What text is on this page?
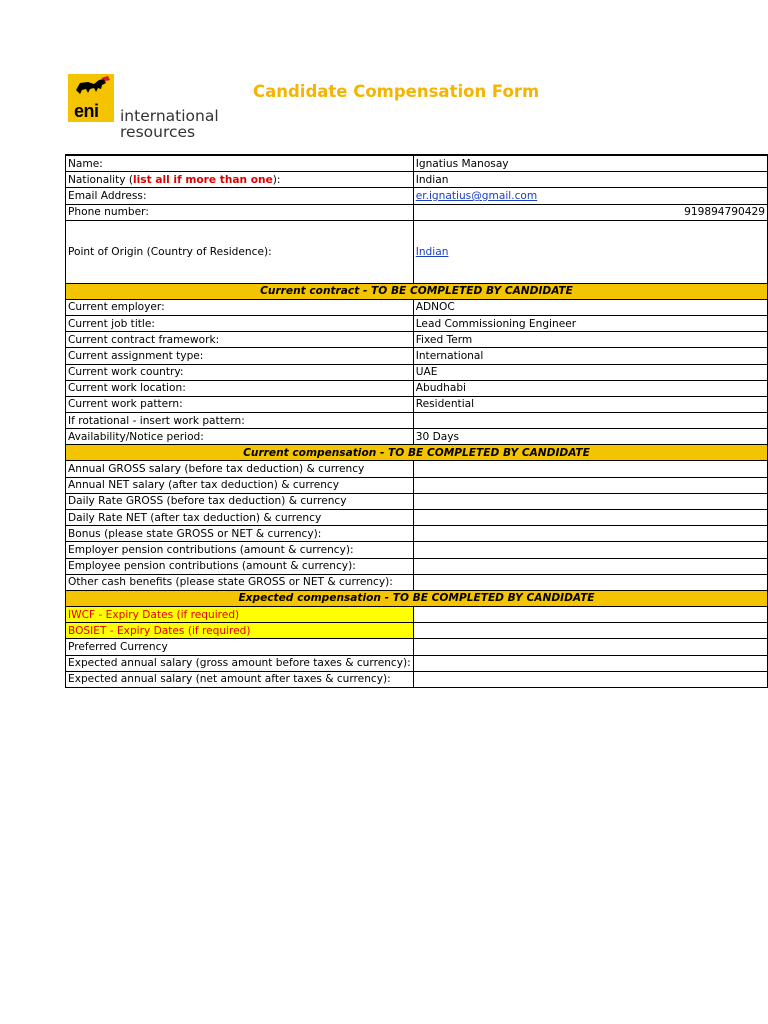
eni international
resources
Candidate Compensation Form
Name:	Ignatius Manosay
Nationality (list all if more than one):	Indian
Email Address:	er.ignatius@gmail.com
Phone number:	919894790429
Point of Origin (Country of Residence):	Indian
Current contract - TO BE COMPLETED BY CANDIDATE	
Current employer:	ADNOC
Current job title:	Lead Commissioning Engineer
Current contract framework:	Fixed Term
Current assignment type:	International
Current work country:	UAE
Current work location:	Abudhabi
Current work pattern:	Residential
If rotational - insert work pattern:	
Availability/Notice period:	30 Days
Current compensation - TO BE COMPLETED BY CANDIDATE	
Annual GROSS salary (before tax deduction) & currency	
Annual NET salary (after tax deduction) & currency	
Daily Rate GROSS (before tax deduction) & currency	
Daily Rate NET (after tax deduction) & currency	
Bonus (please state GROSS or NET & currency):	
Employer pension contributions (amount & currency):	
Employee pension contributions (amount & currency):	
Other cash benefits (please state GROSS or NET & currency):	
Expected compensation - TO BE COMPLETED BY CANDIDATE	
IWCF - Expiry Dates (if required)	
BOSIET - Expiry Dates (if required)	
Preferred Currency	
Expected annual salary (gross amount before taxes & currency):	
Expected annual salary (net amount after taxes & currency):	
